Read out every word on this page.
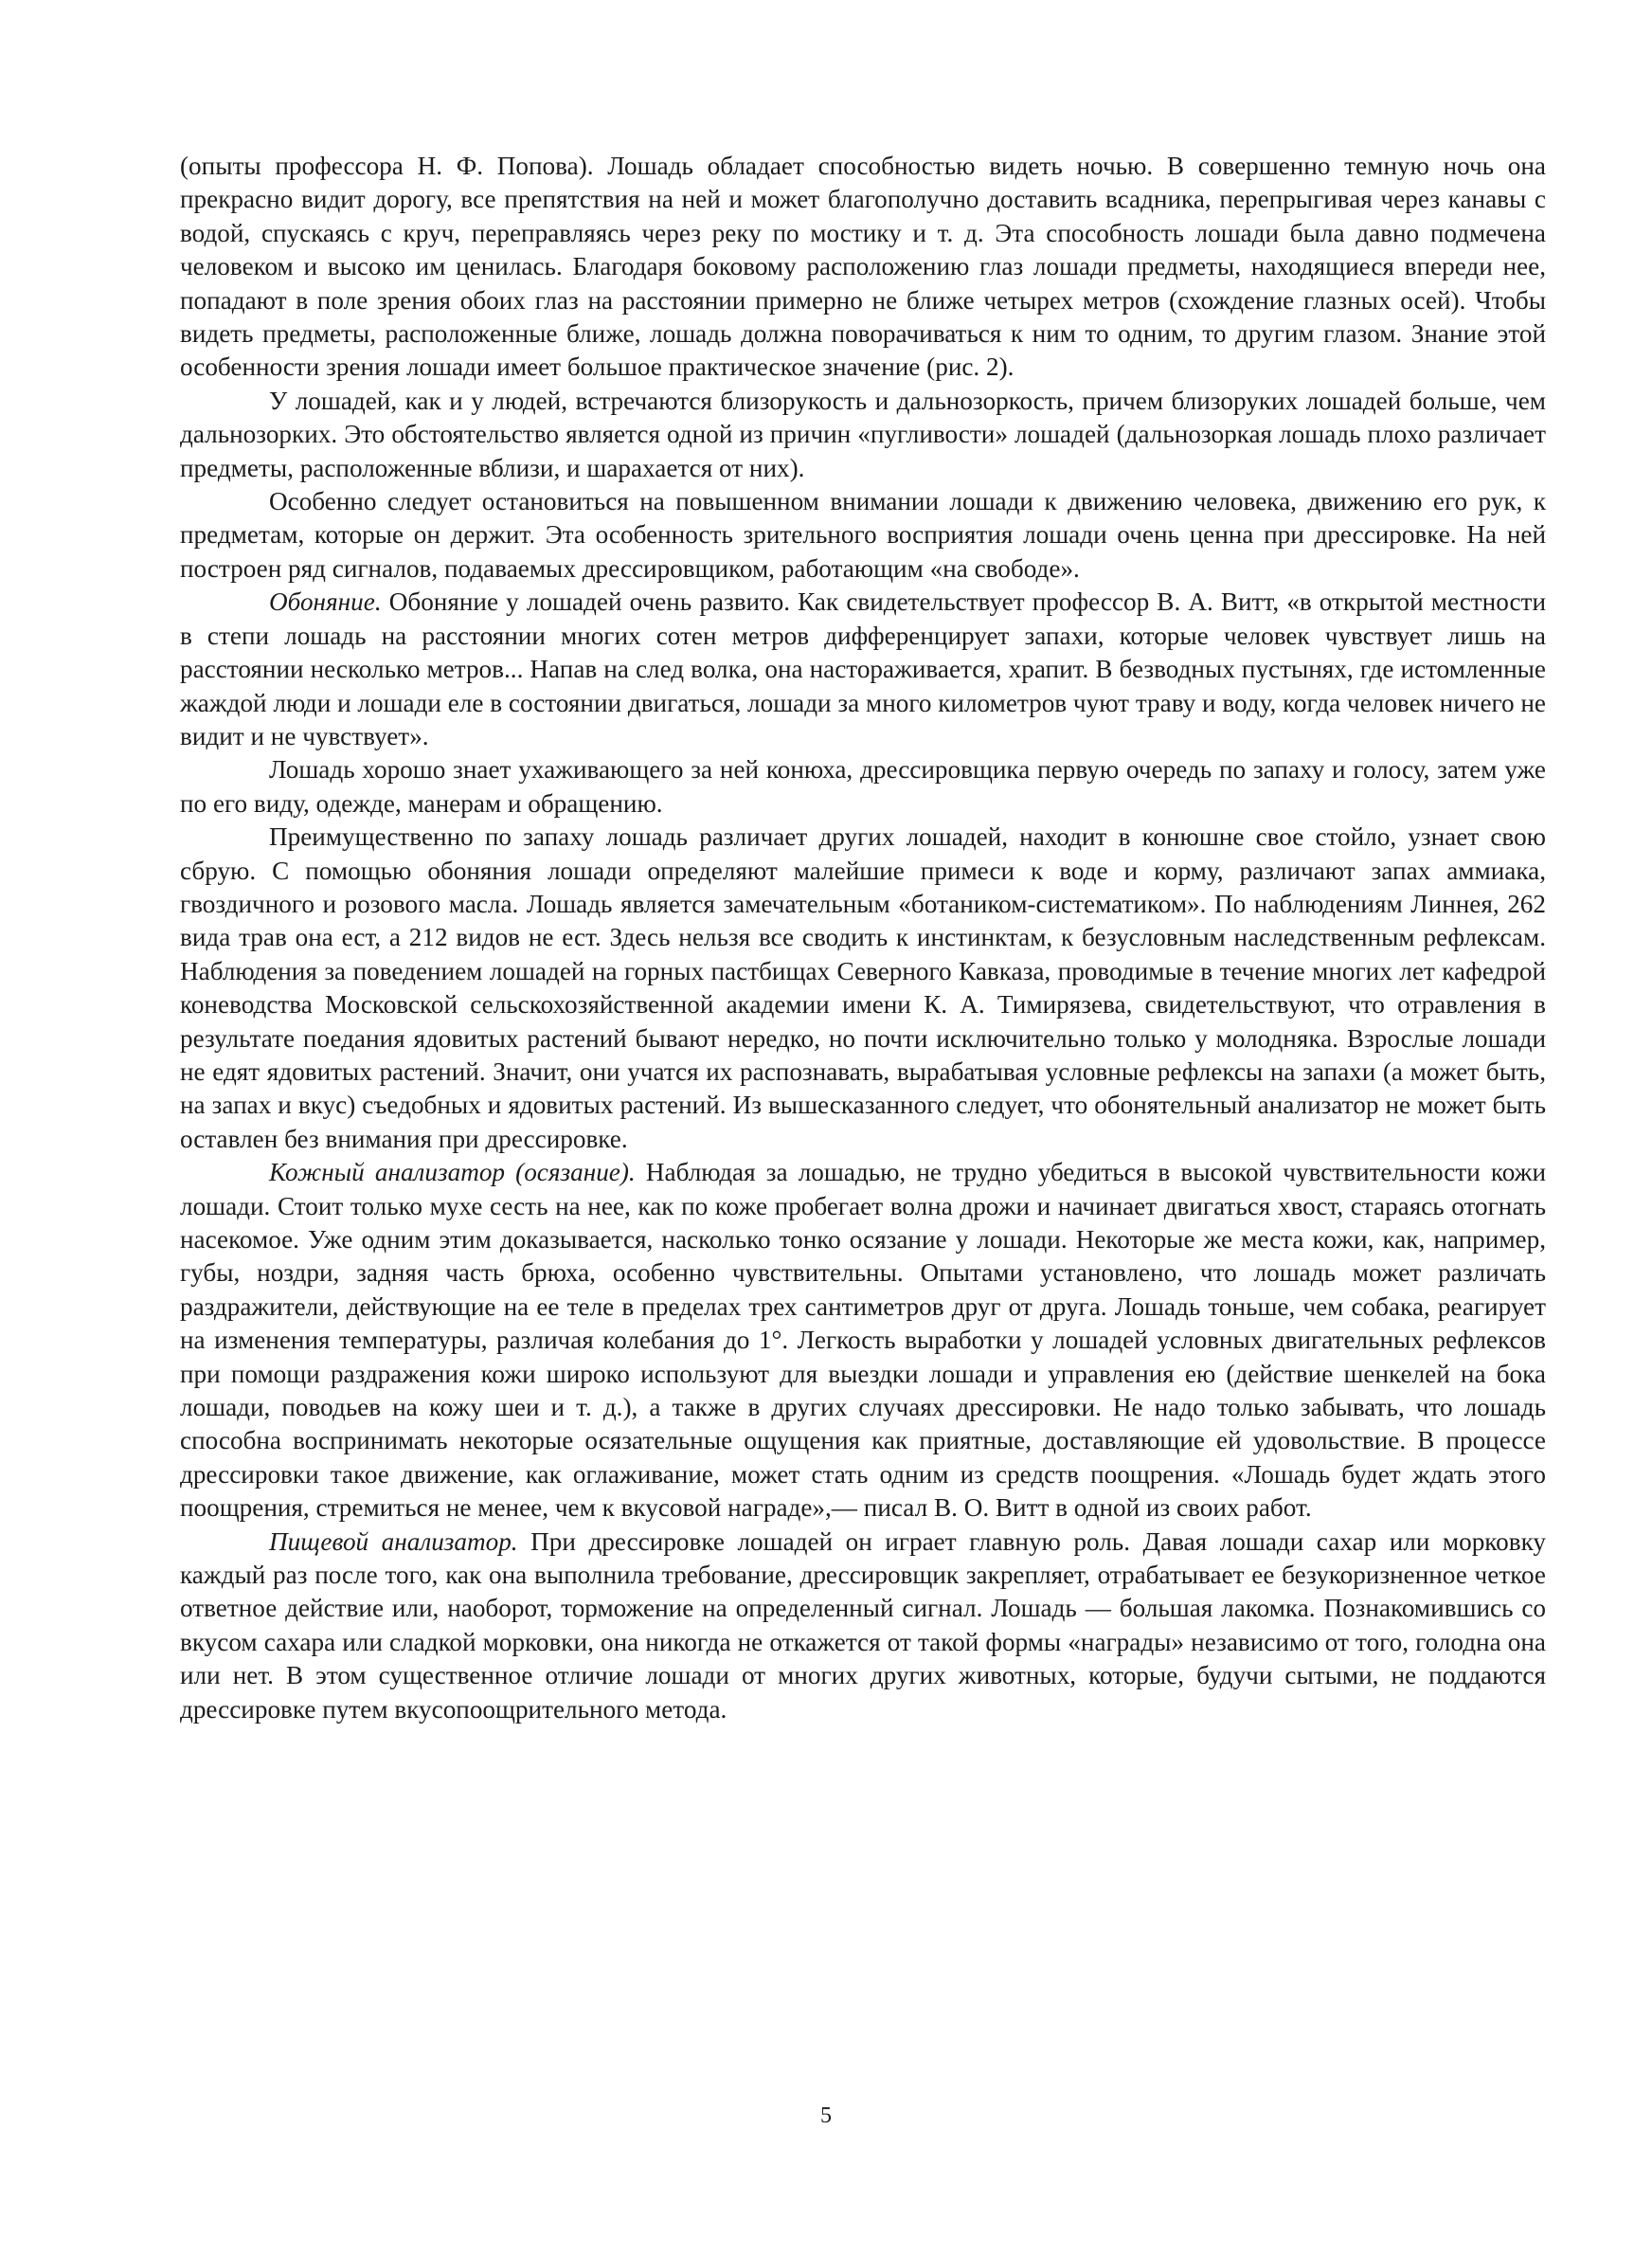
(опыты профессора Н. Ф. Попова). Лошадь обладает способностью видеть ночью. В совершенно темную ночь она прекрасно видит дорогу, все препятствия на ней и может благополучно доставить всадника, перепрыгивая через канавы с водой, спускаясь с круч, переправляясь через реку по мостику и т. д. Эта способность лошади была давно подмечена человеком и высоко им ценилась. Благодаря боковому расположению глаз лошади предметы, находящиеся впереди нее, попадают в поле зрения обоих глаз на расстоянии примерно не ближе четырех метров (схождение глазных осей). Чтобы видеть предметы, расположенные ближе, лошадь должна поворачиваться к ним то одним, то другим глазом. Знание этой особенности зрения лошади имеет большое практическое значение (рис. 2).

У лошадей, как и у людей, встречаются близорукость и дальнозоркость, причем близоруких лошадей больше, чем дальнозорких. Это обстоятельство является одной из причин «пугливости» лошадей (дальнозоркая лошадь плохо различает предметы, расположенные вблизи, и шарахается от них).

Особенно следует остановиться на повышенном внимании лошади к движению человека, движению его рук, к предметам, которые он держит. Эта особенность зрительного восприятия лошади очень ценна при дрессировке. На ней построен ряд сигналов, подаваемых дрессировщиком, работающим «на свободе».

Обоняние. Обоняние у лошадей очень развито. Как свидетельствует профессор В. А. Витт, «в открытой местности в степи лошадь на расстоянии многих сотен метров дифференцирует запахи, которые человек чувствует лишь на расстоянии несколько метров... Напав на след волка, она настораживается, храпит. В безводных пустынях, где истомленные жаждой люди и лошади еле в состоянии двигаться, лошади за много километров чуют траву и воду, когда человек ничего не видит и не чувствует».

Лошадь хорошо знает ухаживающего за ней конюха, дрессировщика первую очередь по запаху и голосу, затем уже по его виду, одежде, манерам и обращению.

Преимущественно по запаху лошадь различает других лошадей, находит в конюшне свое стойло, узнает свою сбрую. С помощью обоняния лошади определяют малейшие примеси к воде и корму, различают запах аммиака, гвоздичного и розового масла. Лошадь является замечательным «ботаником-систематиком». По наблюдениям Линнея, 262 вида трав она ест, а 212 видов не ест. Здесь нельзя все сводить к инстинктам, к безусловным наследственным рефлексам. Наблюдения за поведением лошадей на горных пастбищах Северного Кавказа, проводимые в течение многих лет кафедрой коневодства Московской сельскохозяйственной академии имени К. А. Тимирязева, свидетельствуют, что отравления в результате поедания ядовитых растений бывают нередко, но почти исключительно только у молодняка. Взрослые лошади не едят ядовитых растений. Значит, они учатся их распознавать, вырабатывая условные рефлексы на запахи (а может быть, на запах и вкус) съедобных и ядовитых растений. Из вышесказанного следует, что обонятельный анализатор не может быть оставлен без внимания при дрессировке.

Кожный анализатор (осязание). Наблюдая за лошадью, не трудно убедиться в высокой чувствительности кожи лошади. Стоит только мухе сесть на нее, как по коже пробегает волна дрожи и начинает двигаться хвост, стараясь отогнать насекомое. Уже одним этим доказывается, насколько тонко осязание у лошади. Некоторые же места кожи, как, например, губы, ноздри, задняя часть брюха, особенно чувствительны. Опытами установлено, что лошадь может различать раздражители, действующие на ее теле в пределах трех сантиметров друг от друга. Лошадь тоньше, чем собака, реагирует на изменения температуры, различая колебания до 1°. Легкость выработки у лошадей условных двигательных рефлексов при помощи раздражения кожи широко используют для выездки лошади и управления ею (действие шенкелей на бока лошади, поводьев на кожу шеи и т. д.), а также в других случаях дрессировки. Не надо только забывать, что лошадь способна воспринимать некоторые осязательные ощущения как приятные, доставляющие ей удовольствие. В процессе дрессировки такое движение, как оглаживание, может стать одним из средств поощрения. «Лошадь будет ждать этого поощрения, стремиться не менее, чем к вкусовой награде»,— писал В. О. Витт в одной из своих работ.

Пищевой анализатор. При дрессировке лошадей он играет главную роль. Давая лошади сахар или морковку каждый раз после того, как она выполнила требование, дрессировщик закрепляет, отрабатывает ее безукоризненное четкое ответное действие или, наоборот, торможение на определенный сигнал. Лошадь — большая лакомка. Познакомившись со вкусом сахара или сладкой морковки, она никогда не откажется от такой формы «награды» независимо от того, голодна она или нет. В этом существенное отличие лошади от многих других животных, которые, будучи сытыми, не поддаются дрессировке путем вкусопоощрительного метода.

5
